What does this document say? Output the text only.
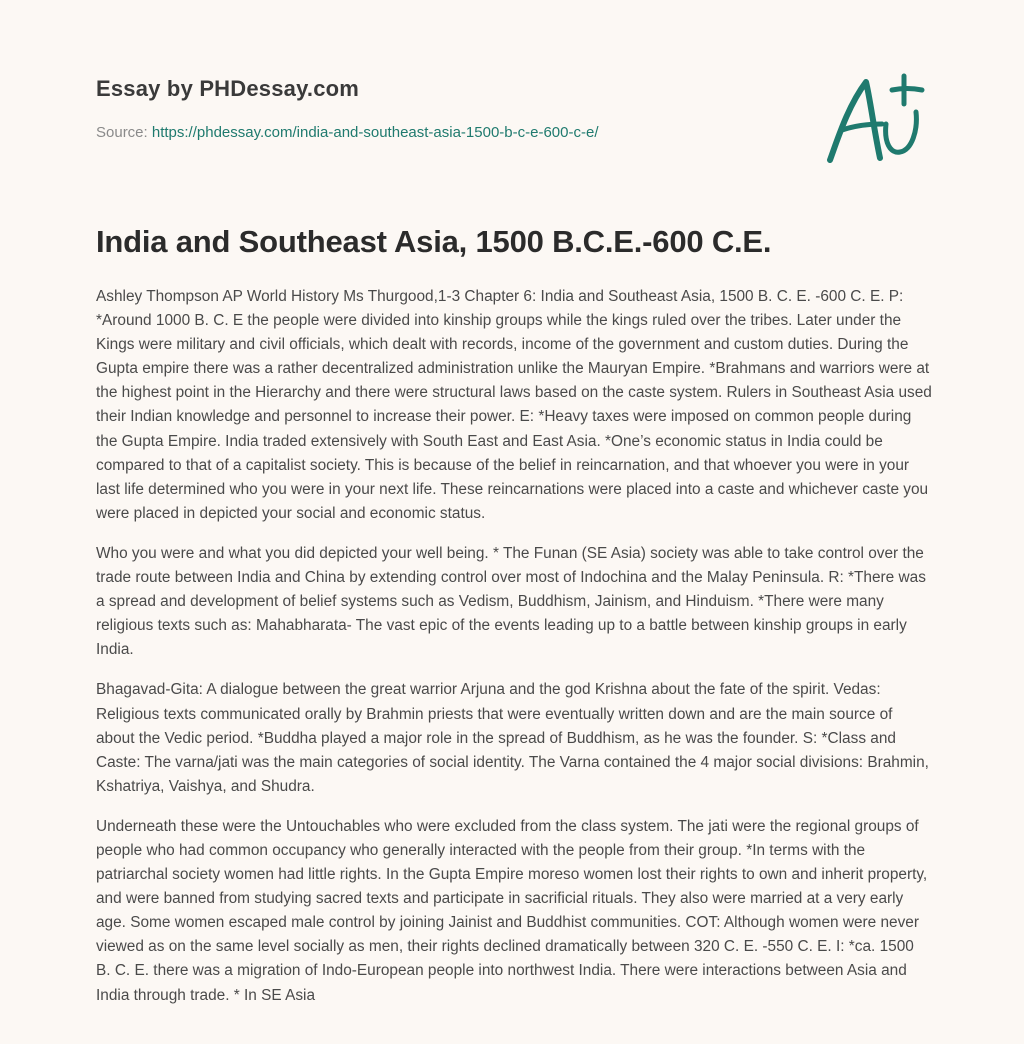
Essay by PHDessay.com
Source: https://phdessay.com/india-and-southeast-asia-1500-b-c-e-600-c-e/
India and Southeast Asia, 1500 B.C.E.-600 C.E.

Ashley Thompson AP World History Ms Thurgood,1-3 Chapter 6: India and Southeast Asia, 1500 B. C. E. -600 C. E. P: *Around 1000 B. C. E the people were divided into kinship groups while the kings ruled over the tribes. Later under the Kings were military and civil officials, which dealt with records, income of the government and custom duties. During the Gupta empire there was a rather decentralized administration unlike the Mauryan Empire. *Brahmans and warriors were at the highest point in the Hierarchy and there were structural laws based on the caste system. Rulers in Southeast Asia used their Indian knowledge and personnel to increase their power. E: *Heavy taxes were imposed on common people during the Gupta Empire. India traded extensively with South East and East Asia. *One’s economic status in India could be compared to that of a capitalist society. This is because of the belief in reincarnation, and that whoever you were in your last life determined who you were in your next life. These reincarnations were placed into a caste and whichever caste you were placed in depicted your social and economic status.

Who you were and what you did depicted your well being. * The Funan (SE Asia) society was able to take control over the trade route between India and China by extending control over most of Indochina and the Malay Peninsula. R: *There was a spread and development of belief systems such as Vedism, Buddhism, Jainism, and Hinduism. *There were many religious texts such as: Mahabharata- The vast epic of the events leading up to a battle between kinship groups in early India.

Bhagavad-Gita: A dialogue between the great warrior Arjuna and the god Krishna about the fate of the spirit. Vedas: Religious texts communicated orally by Brahmin priests that were eventually written down and are the main source of about the Vedic period. *Buddha played a major role in the spread of Buddhism, as he was the founder. S: *Class and Caste: The varna/jati was the main categories of social identity. The Varna contained the 4 major social divisions: Brahmin, Kshatriya, Vaishya, and Shudra.

Underneath these were the Untouchables who were excluded from the class system. The jati were the regional groups of people who had common occupancy who generally interacted with the people from their group. *In terms with the patriarchal society women had little rights. In the Gupta Empire moreso women lost their rights to own and inherit property, and were banned from studying sacred texts and participate in sacrificial rituals. They also were married at a very early age. Some women escaped male control by joining Jainist and Buddhist communities. COT: Although women were never viewed as on the same level socially as men, their rights declined dramatically between 320 C. E. -550 C. E. I: *ca. 1500 B. C. E. there was a migration of Indo-European people into northwest India. There were interactions between Asia and India through trade. * In SE Asia
